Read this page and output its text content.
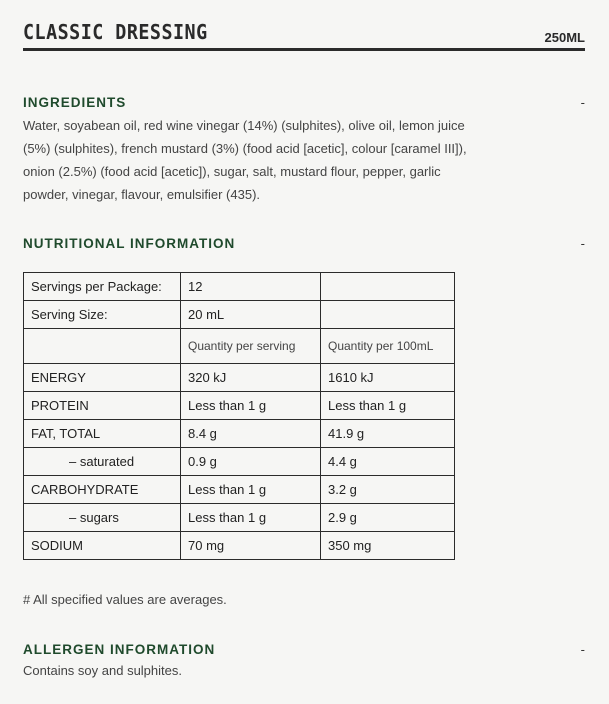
CLASSIC DRESSING	250ML
INGREDIENTS	-
Water, soyabean oil, red wine vinegar (14%) (sulphites), olive oil, lemon juice
(5%) (sulphites), french mustard (3%) (food acid [acetic], colour [caramel III]),
onion (2.5%) (food acid [acetic]), sugar, salt, mustard flour, pepper, garlic
powder, vinegar, flavour, emulsifier (435).
NUTRITIONAL INFORMATION	-
Servings per Package:	12	
Serving Size:	20 mL	
	Quantity per serving	Quantity per 100mL
ENERGY	320 kJ	1610 kJ
PROTEIN	Less than 1 g	Less than 1 g
FAT, TOTAL	8.4 g	41.9 g
– saturated	0.9 g	4.4 g
CARBOHYDRATE	Less than 1 g	3.2 g
– sugars	Less than 1 g	2.9 g
SODIUM	70 mg	350 mg
# All specified values are averages.
ALLERGEN INFORMATION	-
Contains soy and sulphites.
